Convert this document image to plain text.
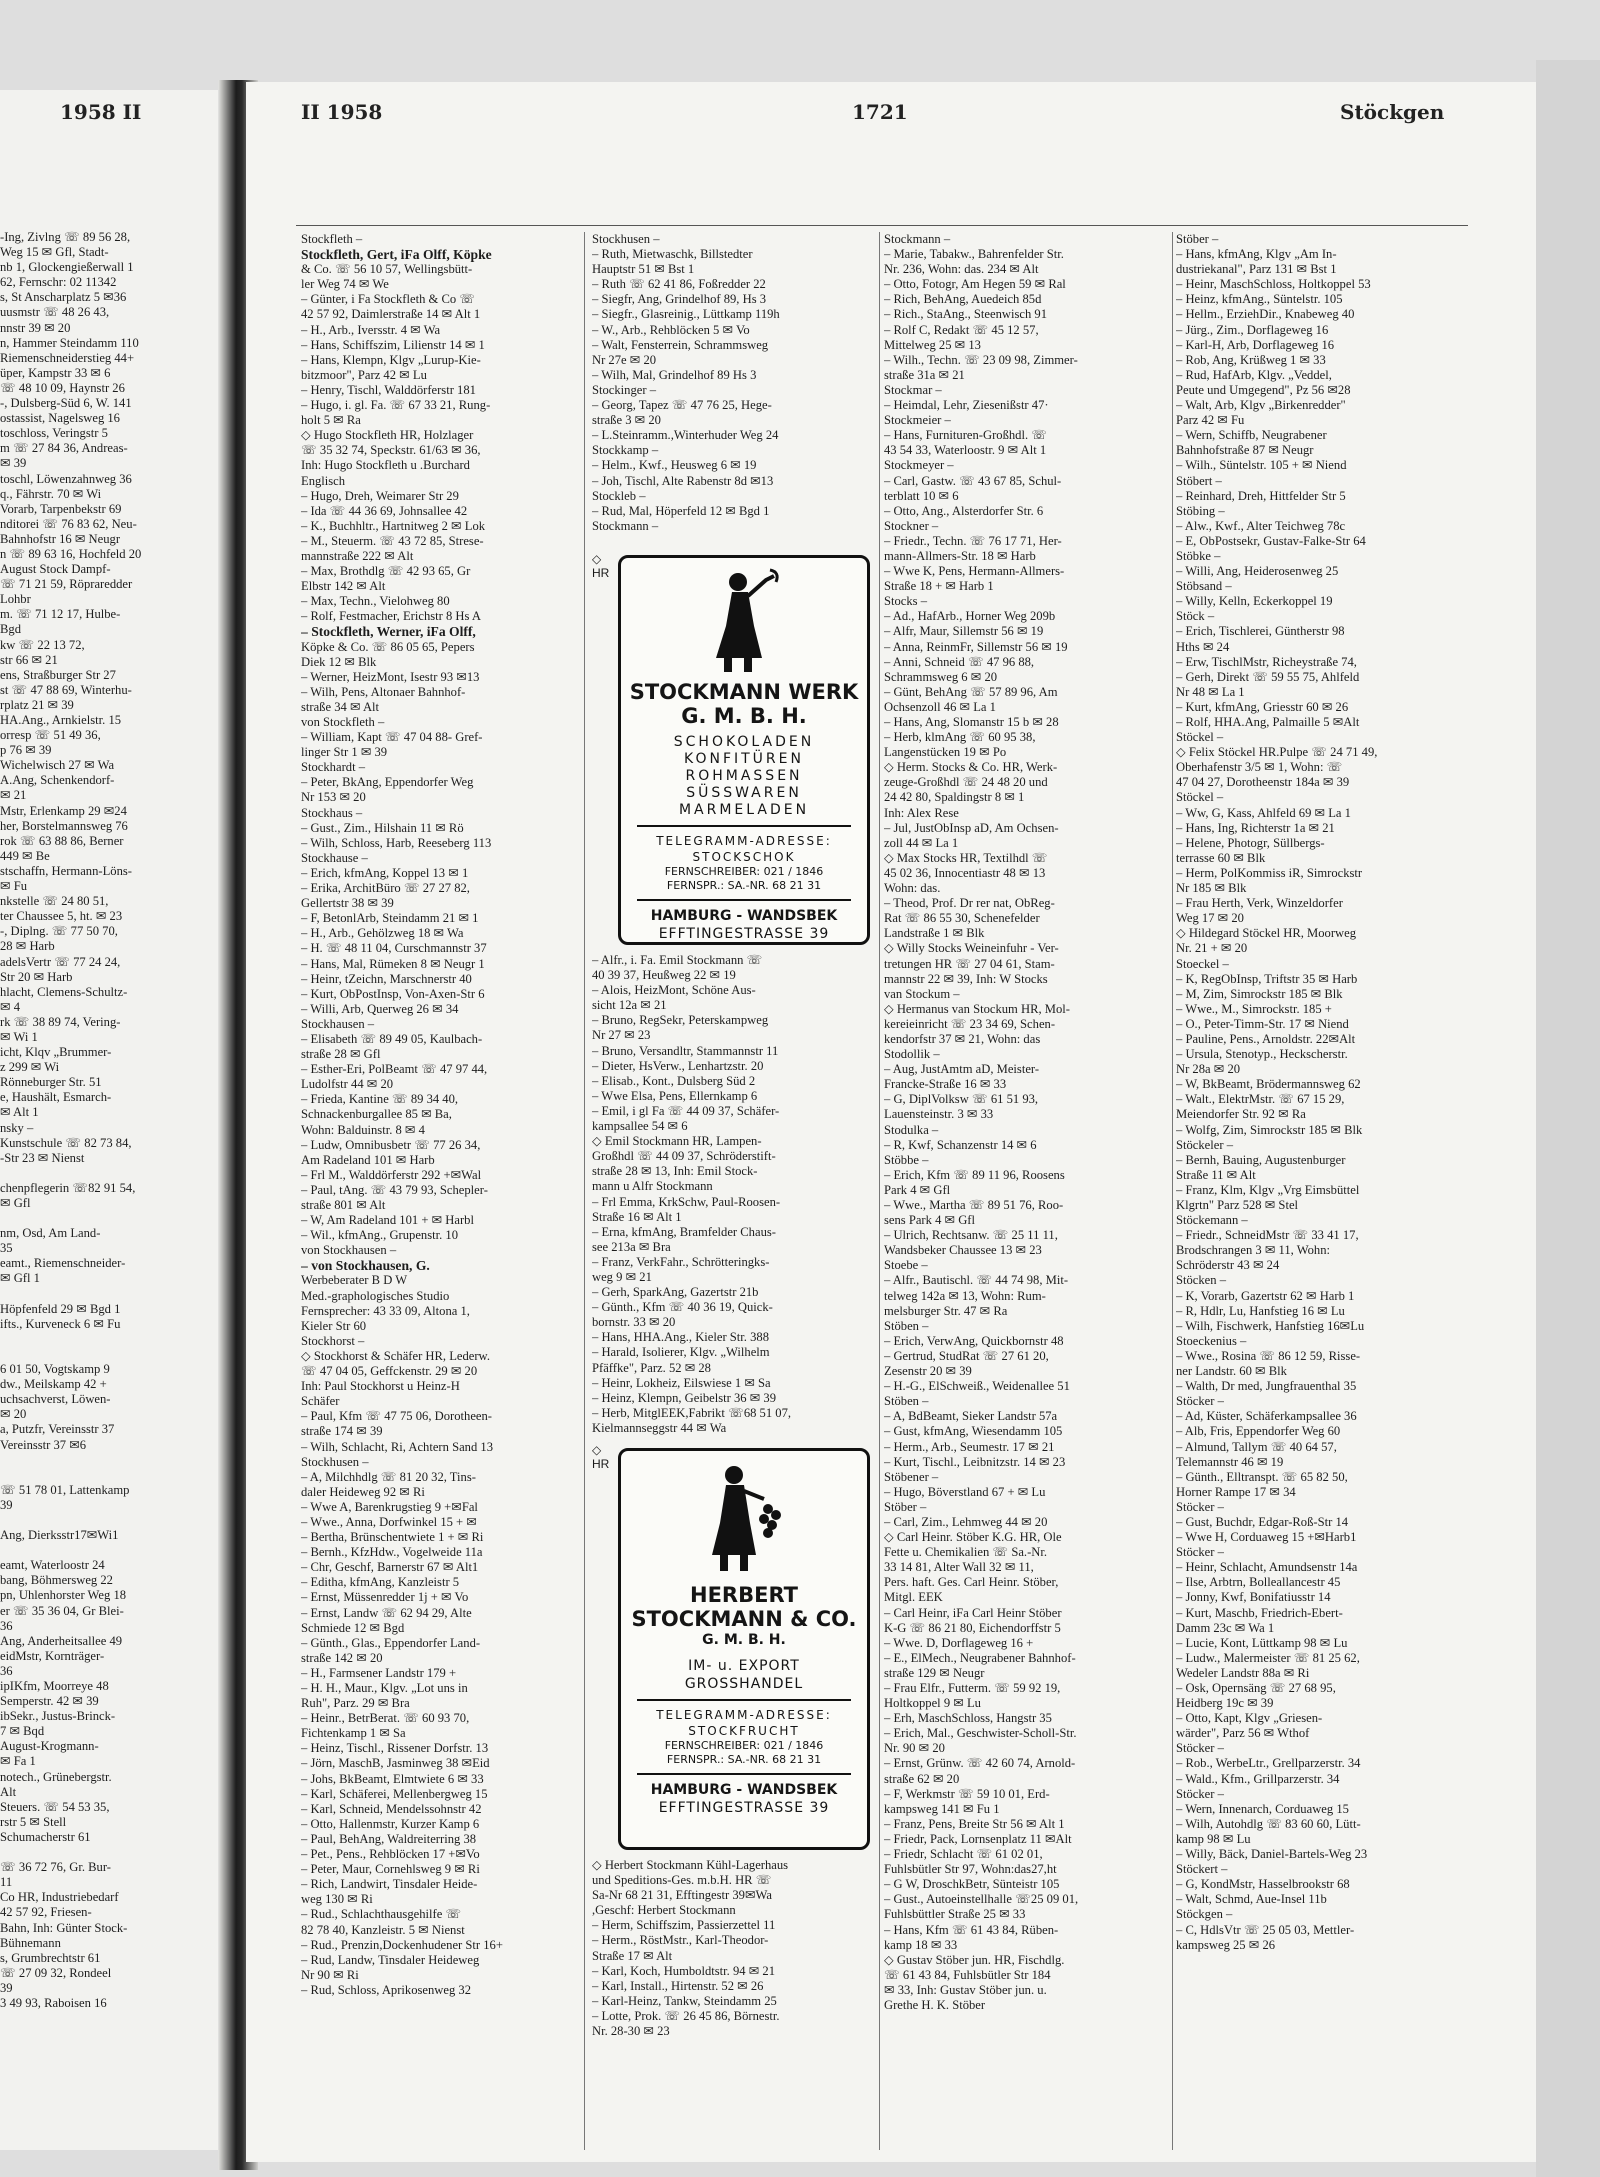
1958 II	II 1958	1721	Stöckgen
-Ing, Zivlng ☏ 89 56 28,
Weg 15 ✉ Gfl, Stadt-
nb 1, Glockengießerwall 1
62, Fernschr: 02 11342
s, St Anscharplatz 5 ✉36
uusmstr ☏ 48 26 43,
nnstr 39 ✉ 20
n, Hammer Steindamm 110
Riemenschneiderstieg 44+
üper, Kampstr 33 ✉ 6
☏ 48 10 09, Haynstr 26
-, Dulsberg-Süd 6, W. 141
ostassist, Nagelsweg 16
toschloss, Veringstr 5
m ☏ 27 84 36, Andreas-
✉ 39
toschl, Löwenzahnweg 36
q., Fährstr. 70 ✉ Wi
Vorarb, Tarpenbekstr 69
nditorei ☏ 76 83 62, Neu-
Bahnhofstr 16 ✉ Neugr
n ☏ 89 63 16, Hochfeld 20
August Stock Dampf-
☏ 71 21 59, Röpraredder
Lohbr
m. ☏ 71 12 17, Hulbe-
Bgd
kw ☏ 22 13 72,
str 66 ✉ 21
ens, Straßburger Str 27
st ☏ 47 88 69, Winterhu-
rplatz 21 ✉ 39
HA.Ang., Arnkielstr. 15
orresp ☏ 51 49 36,
p 76 ✉ 39
Wichelwisch 27 ✉ Wa
A.Ang, Schenkendorf-
✉ 21
Mstr, Erlenkamp 29 ✉24
her, Borstelmannsweg 76
rok ☏ 63 88 86, Berner
449 ✉ Be
stschaffn, Hermann-Löns-
✉ Fu
nkstelle ☏ 24 80 51,
ter Chaussee 5, ht. ✉ 23
-, Diplng. ☏ 77 50 70,
28 ✉ Harb
adelsVertr ☏ 77 24 24,
Str 20 ✉ Harb
hlacht, Clemens-Schultz-
✉ 4
rk ☏ 38 89 74, Vering-
✉ Wi 1
icht, Klqv „Brummer-
z 299 ✉ Wi
Rönneburger Str. 51
e, Haushält, Esmarch-
✉ Alt 1
nsky –
Kunstschule ☏ 82 73 84,
-Str 23 ✉ Nienst

chenpflegerin ☏82 91 54,
✉ Gfl

nm, Osd, Am Land-
35
eamt., Riemenschneider-
✉ Gfl 1

Höpfenfeld 29 ✉ Bgd 1
ifts., Kurveneck 6 ✉ Fu

6 01 50, Vogtskamp 9
dw., Meilskamp 42 +
uchsachverst, Löwen-
✉ 20
a, Putzfr, Vereinsstr 37
Vereinsstr 37 ✉6

☏ 51 78 01, Lattenkamp
39

Ang, Dierksstr17✉Wi1

eamt, Waterloostr 24
bang, Böhmersweg 22
pn, Uhlenhorster Weg 18
er ☏ 35 36 04, Gr Blei-
36
Ang, Anderheitsallee 49
eidMstr, Kornträger-
36
ipIKfm, Moorreye 48
Semperstr. 42 ✉ 39
ibSekr., Justus-Brinck-
7 ✉ Bqd
August-Krogmann-
✉ Fa 1
notech., Grünebergstr.
Alt
Steuers. ☏ 54 53 35,
rstr 5 ✉ Stell
Schumacherstr 61

☏ 36 72 76, Gr. Bur-
11
Co HR, Industriebedarf
42 57 92, Friesen-
Bahn, Inh: Günter Stock-
Bühnemann
s, Grumbrechtstr 61
☏ 27 09 32, Rondeel
39
3 49 93, Raboisen 16
Stockfleth –
Stockfleth, Gert, iFa Olff, Köpke
& Co. ☏ 56 10 57, Wellingsbütt-
ler Weg 74 ✉ We
– Günter, i Fa Stockfleth & Co ☏
42 57 92, Daimlerstraße 14 ✉ Alt 1
– H., Arb., Iversstr. 4 ✉ Wa
– Hans, Schiffszim, Lilienstr 14 ✉ 1
– Hans, Klempn, Klgv „Lurup-Kie-
bitzmoor", Parz 42 ✉ Lu
– Henry, Tischl, Walddörferstr 181
– Hugo, i. gl. Fa. ☏ 67 33 21, Rung-
holt 5 ✉ Ra
◇ Hugo Stockfleth HR, Holzlager
☏ 35 32 74, Speckstr. 61/63 ✉ 36,
Inh: Hugo Stockfleth u .Burchard
Englisch
– Hugo, Dreh, Weimarer Str 29
– Ida ☏ 44 36 69, Johnsallee 42
– K., Buchhltr., Hartnitweg 2 ✉ Lok
– M., Steuerm. ☏ 43 72 85, Strese-
mannstraße 222 ✉ Alt
– Max, Brothdlg ☏ 42 93 65, Gr
Elbstr 142 ✉ Alt
– Max, Techn., Vielohweg 80
– Rolf, Festmacher, Erichstr 8 Hs A
– Stockfleth, Werner, iFa Olff,
Köpke & Co. ☏ 86 05 65, Pepers
Diek 12 ✉ Blk
– Werner, HeizMont, Isestr 93 ✉13
– Wilh, Pens, Altonaer Bahnhof-
straße 34 ✉ Alt
von Stockfleth –
– William, Kapt ☏ 47 04 88- Gref-
linger Str 1 ✉ 39
Stockhardt –
– Peter, BkAng, Eppendorfer Weg
Nr 153 ✉ 20
Stockhaus –
– Gust., Zim., Hilshain 11 ✉ Rö
– Wilh, Schloss, Harb, Reeseberg 113
Stockhause –
– Erich, kfmAng, Koppel 13 ✉ 1
– Erika, ArchitBüro ☏ 27 27 82,
Gellertstr 38 ✉ 39
– F, BetonlArb, Steindamm 21 ✉ 1
– H., Arb., Gehölzweg 18 ✉ Wa
– H. ☏ 48 11 04, Curschmannstr 37
– Hans, Mal, Rümeken 8 ✉ Neugr 1
– Heinr, tZeichn, Marschnerstr 40
– Kurt, ObPostInsp, Von-Axen-Str 6
– Willi, Arb, Querweg 26 ✉ 34
Stockhausen –
– Elisabeth ☏ 89 49 05, Kaulbach-
straße 28 ✉ Gfl
– Esther-Eri, PolBeamt ☏ 47 97 44,
Ludolfstr 44 ✉ 20
– Frieda, Kantine ☏ 89 34 40,
Schnackenburgallee 85 ✉ Ba,
Wohn: Balduinstr. 8 ✉ 4
– Ludw, Omnibusbetr ☏ 77 26 34,
Am Radeland 101 ✉ Harb
– Frl M., Walddörferstr 292 +✉Wal
– Paul, tAng. ☏ 43 79 93, Schepler-
straße 801 ✉ Alt
– W, Am Radeland 101 + ✉ Harbl
– Wil., kfmAng., Grupenstr. 10
von Stockhausen –
– von Stockhausen, G.
Werbeberater B D W
Med.-graphologisches Studio
Fernsprecher: 43 33 09, Altona 1,
Kieler Str 60
Stockhorst –
◇ Stockhorst & Schäfer HR, Lederw.
☏ 47 04 05, Geffckenstr. 29 ✉ 20
Inh: Paul Stockhorst u Heinz-H
Schäfer
– Paul, Kfm ☏ 47 75 06, Dorotheen-
straße 174 ✉ 39
– Wilh, Schlacht, Ri, Achtern Sand 13
Stockhusen –
– A, Milchhdlg ☏ 81 20 32, Tins-
daler Heideweg 92 ✉ Ri
– Wwe A, Barenkrugstieg 9 +✉Fal
– Wwe., Anna, Dorfwinkel 15 + ✉
– Bertha, Brünschentwiete 1 + ✉ Ri
– Bernh., KfzHdw., Vogelweide 11a
– Chr, Geschf, Barnerstr 67 ✉ Alt1
– Editha, kfmAng, Kanzleistr 5
– Ernst, Müssenredder 1j + ✉ Vo
– Ernst, Landw ☏ 62 94 29, Alte
Schmiede 12 ✉ Bgd
– Günth., Glas., Eppendorfer Land-
straße 142 ✉ 20
– H., Farmsener Landstr 179 +
– H. H., Maur., Klgv. „Lot uns in
Ruh", Parz. 29 ✉ Bra
– Heinr., BetrBerat. ☏ 60 93 70,
Fichtenkamp 1 ✉ Sa
– Heinz, Tischl., Rissener Dorfstr. 13
– Jörn, MaschB, Jasminweg 38 ✉Eid
– Johs, BkBeamt, Elmtwiete 6 ✉ 33
– Karl, Schäferei, Mellenbergweg 15
– Karl, Schneid, Mendelssohnstr 42
– Otto, Hallenmstr, Kurzer Kamp 6
– Paul, BehAng, Waldreiterring 38
– Pet., Pens., Rehblöcken 17 +✉Vo
– Peter, Maur, Cornehlsweg 9 ✉ Ri
– Rich, Landwirt, Tinsdaler Heide-
weg 130 ✉ Ri
– Rud., Schlachthausgehilfe ☏
82 78 40, Kanzleistr. 5 ✉ Nienst
– Rud., Prenzin,Dockenhudener Str 16+
– Rud, Landw, Tinsdaler Heideweg
Nr 90 ✉ Ri
– Rud, Schloss, Aprikosenweg 32
Stockhusen –
– Ruth, Mietwaschk, Billstedter
Hauptstr 51 ✉ Bst 1
– Ruth ☏ 62 41 86, Foßredder 22
– Siegfr, Ang, Grindelhof 89, Hs 3
– Siegfr., Glasreinig., Lüttkamp 119h
– W., Arb., Rehblöcken 5 ✉ Vo
– Walt, Fensterrein, Schrammsweg
Nr 27e ✉ 20
– Wilh, Mal, Grindelhof 89 Hs 3
Stockinger –
– Georg, Tapez ☏ 47 76 25, Hege-
straße 3 ✉ 20
– L.Steinramm.,Winterhuder Weg 24
Stockkamp –
– Helm., Kwf., Heusweg 6 ✉ 19
– Joh, Tischl, Alte Rabenstr 8d ✉13
Stockleb –
– Rud, Mal, Höperfeld 12 ✉ Bgd 1
Stockmann –
◇
HR
STOCKMANN WERK
G. M. B. H.
SCHOKOLADEN
KONFITÜREN
ROHMASSEN
SÜSSWAREN
MARMELADEN
TELEGRAMM-ADRESSE:
STOCKSCHOK
FERNSCHREIBER: 021 / 1846
FERNSPR.: SA.-NR. 68 21 31
HAMBURG - WANDSBEK
EFFTINGESTRASSE 39
– Alfr., i. Fa. Emil Stockmann ☏
40 39 37, Heußweg 22 ✉ 19
– Alois, HeizMont, Schöne Aus-
sicht 12a ✉ 21
– Bruno, RegSekr, Peterskampweg
Nr 27 ✉ 23
– Bruno, Versandltr, Stammannstr 11
– Dieter, HsVerw., Lenhartzstr. 20
– Elisab., Kont., Dulsberg Süd 2
– Wwe Elsa, Pens, Ellernkamp 6
– Emil, i gl Fa ☏ 44 09 37, Schäfer-
kampsallee 54 ✉ 6
◇ Emil Stockmann HR, Lampen-
Großhdl ☏ 44 09 37, Schröderstift-
straße 28 ✉ 13, Inh: Emil Stock-
mann u Alfr Stockmann
– Frl Emma, KrkSchw, Paul-Roosen-
Straße 16 ✉ Alt 1
– Erna, kfmAng, Bramfelder Chaus-
see 213a ✉ Bra
– Franz, VerkFahr., Schrötteringks-
weg 9 ✉ 21
– Gerh, SparkAng, Gazertstr 21b
– Günth., Kfm ☏ 40 36 19, Quick-
bornstr. 33 ✉ 20
– Hans, HHA.Ang., Kieler Str. 388
– Harald, Isolierer, Klgv. „Wilhelm
Pfäffke", Parz. 52 ✉ 28
– Heinr, Lokheiz, Eilswiese 1 ✉ Sa
– Heinz, Klempn, Geibelstr 36 ✉ 39
– Herb, MitglEEK,Fabrikt ☏68 51 07,
Kielmannseggstr 44 ✉ Wa
◇
HR
HERBERT
STOCKMANN & CO.
G. M. B. H.
IM- u. EXPORT
GROSSHANDEL
TELEGRAMM-ADRESSE:
STOCKFRUCHT
FERNSCHREIBER: 021 / 1846
FERNSPR.: SA.-NR. 68 21 31
HAMBURG - WANDSBEK
EFFTINGESTRASSE 39
◇ Herbert Stockmann Kühl-Lagerhaus
und Speditions-Ges. m.b.H. HR ☏
Sa-Nr 68 21 31, Efftingestr 39✉Wa
,Geschf: Herbert Stockmann
– Herm, Schiffszim, Passierzettel 11
– Herm., RöstMstr., Karl-Theodor-
Straße 17 ✉ Alt
– Karl, Koch, Humboldtstr. 94 ✉ 21
– Karl, Install., Hirtenstr. 52 ✉ 26
– Karl-Heinz, Tankw, Steindamm 25
– Lotte, Prok. ☏ 26 45 86, Börnestr.
Nr. 28-30 ✉ 23
Stockmann –
– Marie, Tabakw., Bahrenfelder Str.
Nr. 236, Wohn: das. 234 ✉ Alt
– Otto, Fotogr, Am Hegen 59 ✉ Ral
– Rich, BehAng, Auedeich 85d
– Rich., StaAng., Steenwisch 91
– Rolf C, Redakt ☏ 45 12 57,
Mittelweg 25 ✉ 13
– Wilh., Techn. ☏ 23 09 98, Zimmer-
straße 31a ✉ 21
Stockmar –
– Heimdal, Lehr, Ziesenißstr 47·
Stockmeier –
– Hans, Furnituren-Großhdl. ☏
43 54 33, Waterloostr. 9 ✉ Alt 1
Stockmeyer –
– Carl, Gastw. ☏ 43 67 85, Schul-
terblatt 10 ✉ 6
– Otto, Ang., Alsterdorfer Str. 6
Stockner –
– Friedr., Techn. ☏ 76 17 71, Her-
mann-Allmers-Str. 18 ✉ Harb
– Wwe K, Pens, Hermann-Allmers-
Straße 18 + ✉ Harb 1
Stocks –
– Ad., HafArb., Horner Weg 209b
– Alfr, Maur, Sillemstr 56 ✉ 19
– Anna, ReinmFr, Sillemstr 56 ✉ 19
– Anni, Schneid ☏ 47 96 88,
Schrammsweg 6 ✉ 20
– Günt, BehAng ☏ 57 89 96, Am
Ochsenzoll 46 ✉ La 1
– Hans, Ang, Slomanstr 15 b ✉ 28
– Herb, klmAng ☏ 60 95 38,
Langenstücken 19 ✉ Po
◇ Herm. Stocks & Co. HR, Werk-
zeuge-Großhdl ☏ 24 48 20 und
24 42 80, Spaldingstr 8 ✉ 1
Inh: Alex Rese
– Jul, JustObInsp aD, Am Ochsen-
zoll 44 ✉ La 1
◇ Max Stocks HR, Textilhdl ☏
45 02 36, Innocentiastr 48 ✉ 13
Wohn: das.
– Theod, Prof. Dr rer nat, ObReg-
Rat ☏ 86 55 30, Schenefelder
Landstraße 1 ✉ Blk
◇ Willy Stocks Weineinfuhr - Ver-
tretungen HR ☏ 27 04 61, Stam-
mannstr 22 ✉ 39, Inh: W Stocks
van Stockum –
◇ Hermanus van Stockum HR, Mol-
kereieinricht ☏ 23 34 69, Schen-
kendorfstr 37 ✉ 21, Wohn: das
Stodollik –
– Aug, JustAmtm aD, Meister-
Francke-Straße 16 ✉ 33
– G, DiplVolksw ☏ 61 51 93,
Lauensteinstr. 3 ✉ 33
Stodulka –
– R, Kwf, Schanzenstr 14 ✉ 6
Stöbbe –
– Erich, Kfm ☏ 89 11 96, Roosens
Park 4 ✉ Gfl
– Wwe., Martha ☏ 89 51 76, Roo-
sens Park 4 ✉ Gfl
– Ulrich, Rechtsanw. ☏ 25 11 11,
Wandsbeker Chaussee 13 ✉ 23
Stoebe –
– Alfr., Bautischl. ☏ 44 74 98, Mit-
telweg 142a ✉ 13, Wohn: Rum-
melsburger Str. 47 ✉ Ra
Stöben –
– Erich, VerwAng, Quickbornstr 48
– Gertrud, StudRat ☏ 27 61 20,
Zesenstr 20 ✉ 39
– H.-G., ElSchweiß., Weidenallee 51
Stöben –
– A, BdBeamt, Sieker Landstr 57a
– Gust, kfmAng, Wiesendamm 105
– Herm., Arb., Seumestr. 17 ✉ 21
– Kurt, Tischl., Leibnitzstr. 14 ✉ 23
Stöbener –
– Hugo, Böverstland 67 + ✉ Lu
Stöber –
– Carl, Zim., Lehmweg 44 ✉ 20
◇ Carl Heinr. Stöber K.G. HR, Ole
Fette u. Chemikalien ☏ Sa.-Nr.
33 14 81, Alter Wall 32 ✉ 11,
Pers. haft. Ges. Carl Heinr. Stöber,
Mitgl. EEK
– Carl Heinr, iFa Carl Heinr Stöber
K-G ☏ 86 21 80, Eichendorffstr 5
– Wwe. D, Dorflageweg 16 +
– E., ElMech., Neugrabener Bahnhof-
straße 129 ✉ Neugr
– Frau Elfr., Futterm. ☏ 59 92 19,
Holtkoppel 9 ✉ Lu
– Erh, MaschSchloss, Hangstr 35
– Erich, Mal., Geschwister-Scholl-Str.
Nr. 90 ✉ 20
– Ernst, Grünw. ☏ 42 60 74, Arnold-
straße 62 ✉ 20
– F, Werkmstr ☏ 59 10 01, Erd-
kampsweg 141 ✉ Fu 1
– Franz, Pens, Breite Str 56 ✉ Alt 1
– Friedr, Pack, Lornsenplatz 11 ✉Alt
– Friedr, Schlacht ☏ 61 02 01,
Fuhlsbütler Str 97, Wohn:das27,ht
– G W, DroschkBetr, Sünteistr 105
– Gust., Autoeinstellhalle ☏25 09 01,
Fuhlsbüttler Straße 25 ✉ 33
– Hans, Kfm ☏ 61 43 84, Rüben-
kamp 18 ✉ 33
◇ Gustav Stöber jun. HR, Fischdlg.
☏ 61 43 84, Fuhlsbütler Str 184
✉ 33, Inh: Gustav Stöber jun. u.
Grethe H. K. Stöber
Stöber –
– Hans, kfmAng, Klgv „Am In-
dustriekanal", Parz 131 ✉ Bst 1
– Heinr, MaschSchloss, Holtkoppel 53
– Heinz, kfmAng., Süntelstr. 105
– Hellm., ErziehDir., Knabeweg 40
– Jürg., Zim., Dorflageweg 16
– Karl-H, Arb, Dorflageweg 16
– Rob, Ang, Krüßweg 1 ✉ 33
– Rud, HafArb, Klgv. „Veddel,
Peute und Umgegend", Pz 56 ✉28
– Walt, Arb, Klgv „Birkenredder"
Parz 42 ✉ Fu
– Wern, Schiffb, Neugrabener
Bahnhofstraße 87 ✉ Neugr
– Wilh., Süntelstr. 105 + ✉ Niend
Stöbert –
– Reinhard, Dreh, Hittfelder Str 5
Stöbing –
– Alw., Kwf., Alter Teichweg 78c
– E, ObPostsekr, Gustav-Falke-Str 64
Stöbke –
– Willi, Ang, Heiderosenweg 25
Stöbsand –
– Willy, Kelln, Eckerkoppel 19
Stöck –
– Erich, Tischlerei, Güntherstr 98
Hths ✉ 24
– Erw, TischlMstr, Richeystraße 74,
– Gerh, Direkt ☏ 59 55 75, Ahlfeld
Nr 48 ✉ La 1
– Kurt, kfmAng, Griesstr 60 ✉ 26
– Rolf, HHA.Ang, Palmaille 5 ✉Alt
Stöckel –
◇ Felix Stöckel HR.Pulpe ☏ 24 71 49,
Oberhafenstr 3/5 ✉ 1, Wohn: ☏
47 04 27, Dorotheenstr 184a ✉ 39
Stöckel –
– Ww, G, Kass, Ahlfeld 69 ✉ La 1
– Hans, Ing, Richterstr 1a ✉ 21
– Helene, Photogr, Süllbergs-
terrasse 60 ✉ Blk
– Herm, PolKommiss iR, Simrockstr
Nr 185 ✉ Blk
– Frau Herth, Verk, Winzeldorfer
Weg 17 ✉ 20
◇ Hildegard Stöckel HR, Moorweg
Nr. 21 + ✉ 20
Stoeckel –
– K, RegObInsp, Triftstr 35 ✉ Harb
– M, Zim, Simrockstr 185 ✉ Blk
– Wwe., M., Simrockstr. 185 +
– O., Peter-Timm-Str. 17 ✉ Niend
– Pauline, Pens., Arnoldstr. 22✉Alt
– Ursula, Stenotyp., Heckscherstr.
Nr 28a ✉ 20
– W, BkBeamt, Brödermannsweg 62
– Walt., ElektrMstr. ☏ 67 15 29,
Meiendorfer Str. 92 ✉ Ra
– Wolfg, Zim, Simrockstr 185 ✉ Blk
Stöckeler –
– Bernh, Bauing, Augustenburger
Straße 11 ✉ Alt
– Franz, Klm, Klgv „Vrg Eimsbüttel
Klgrtn" Parz 528 ✉ Stel
Stöckemann –
– Friedr., SchneidMstr ☏ 33 41 17,
Brodschrangen 3 ✉ 11, Wohn:
Schröderstr 43 ✉ 24
Stöcken –
– K, Vorarb, Gazertstr 62 ✉ Harb 1
– R, Hdlr, Lu, Hanfstieg 16 ✉ Lu
– Wilh, Fischwerk, Hanfstieg 16✉Lu
Stoeckenius –
– Wwe., Rosina ☏ 86 12 59, Risse-
ner Landstr. 60 ✉ Blk
– Walth, Dr med, Jungfrauenthal 35
Stöcker –
– Ad, Küster, Schäferkampsallee 36
– Alb, Fris, Eppendorfer Weg 60
– Almund, Tallym ☏ 40 64 57,
Telemannstr 46 ✉ 19
– Günth., Elltranspt. ☏ 65 82 50,
Horner Rampe 17 ✉ 34
Stöcker –
– Gust, Buchdr, Edgar-Roß-Str 14
– Wwe H, Corduaweg 15 +✉Harb1
Stöcker –
– Heinr, Schlacht, Amundsenstr 14a
– Ilse, Arbtrn, Bolleallancestr 45
– Jonny, Kwf, Bonifatiusstr 14
– Kurt, Maschb, Friedrich-Ebert-
Damm 23c ✉ Wa 1
– Lucie, Kont, Lüttkamp 98 ✉ Lu
– Ludw., Malermeister ☏ 81 25 62,
Wedeler Landstr 88a ✉ Ri
– Osk, Opernsäng ☏ 27 68 95,
Heidberg 19c ✉ 39
– Otto, Kapt, Klgv „Griesen-
wärder", Parz 56 ✉ Wthof
Stöcker –
– Rob., WerbeLtr., Grellparzerstr. 34
– Wald., Kfm., Grillparzerstr. 34
Stöcker –
– Wern, Innenarch, Corduaweg 15
– Wilh, Autohdlg ☏ 83 60 60, Lütt-
kamp 98 ✉ Lu
– Willy, Bäck, Daniel-Bartels-Weg 23
Stöckert –
– G, KondMstr, Hasselbrookstr 68
– Walt, Schmd, Aue-Insel 11b
Stöckgen –
– C, HdlsVtr ☏ 25 05 03, Mettler-
kampsweg 25 ✉ 26
